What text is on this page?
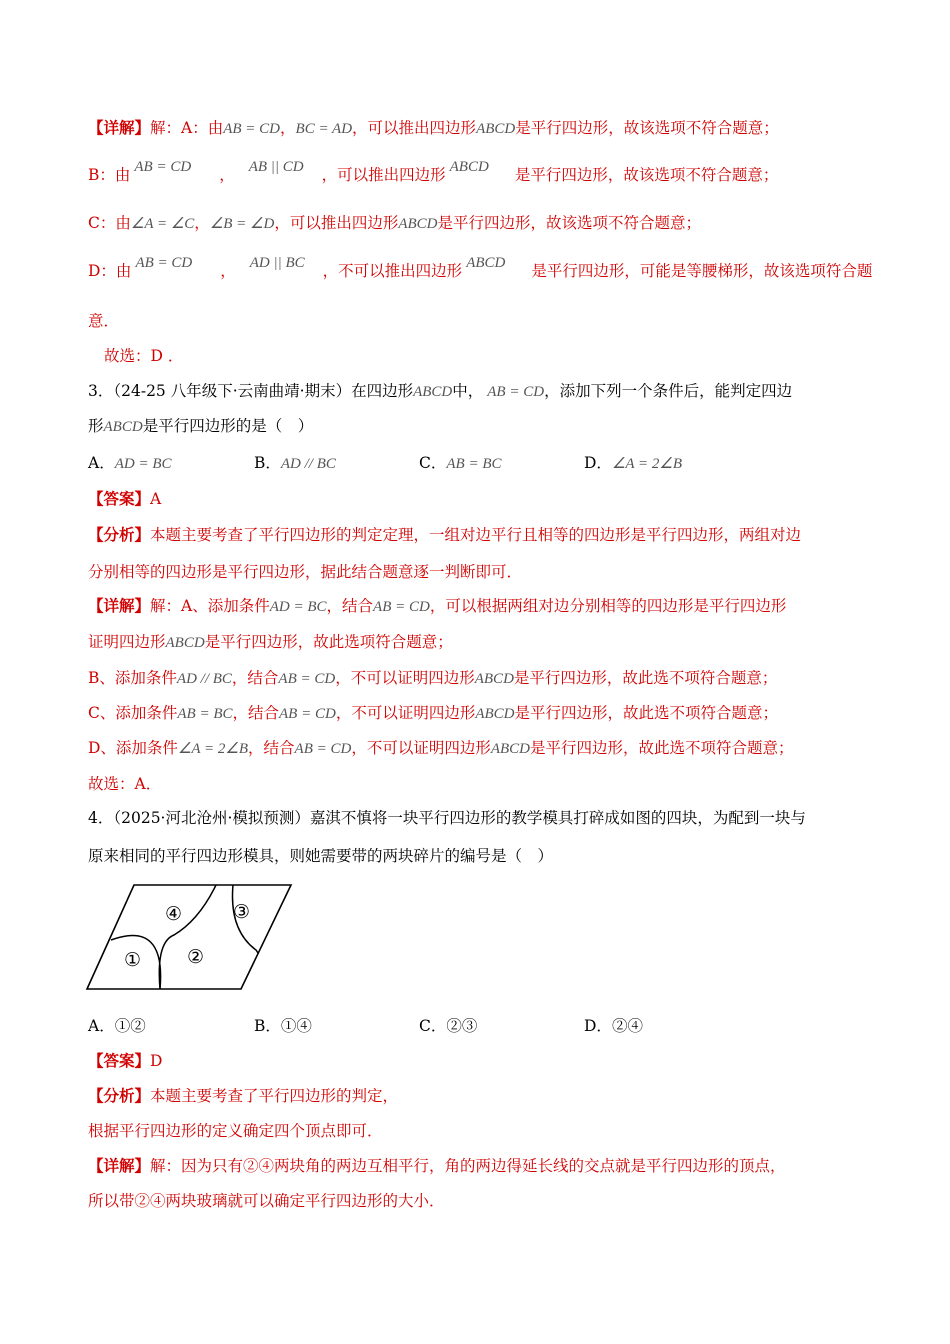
【详解】解：A：由AB = CD，BC = AD，可以推出四边形ABCD是平行四边形，故该选项不符合题意；
B：由 AB = CD ， AB || CD ，可以推出四边形 ABCD 是平行四边形，故该选项不符合题意；
C：由∠A = ∠C，∠B = ∠D，可以推出四边形ABCD是平行四边形，故该选项不符合题意；
D：由 AB = CD ， AD || BC ，不可以推出四边形 ABCD 是平行四边形，可能是等腰梯形，故该选项符合题
意．
故选：D ．
3．（24-25 八年级下·云南曲靖·期末）在四边形ABCD中， AB = CD，添加下列一个条件后，能判定四边
形ABCD是平行四边形的是（　）
A．AD = BC	B．AD // BC	C．AB = BC	D．∠A = 2∠B
【答案】A
【分析】本题主要考查了平行四边形的判定定理，一组对边平行且相等的四边形是平行四边形，两组对边
分别相等的四边形是平行四边形，据此结合题意逐一判断即可．
【详解】解：A、添加条件AD = BC，结合AB = CD，可以根据两组对边分别相等的四边形是平行四边形
证明四边形ABCD是平行四边形，故此选项符合题意；
B、添加条件AD // BC，结合AB = CD，不可以证明四边形ABCD是平行四边形，故此选不项符合题意；
C、添加条件AB = BC，结合AB = CD，不可以证明四边形ABCD是平行四边形，故此选不项符合题意；
D、添加条件∠A = 2∠B，结合AB = CD，不可以证明四边形ABCD是平行四边形，故此选不项符合题意；
故选：A．
4．（2025·河北沧州·模拟预测）嘉淇不慎将一块平行四边形的教学模具打碎成如图的四块，为配到一块与
原来相同的平行四边形模具，则她需要带的两块碎片的编号是（　）
① ②
③
④
A．①②	B．①④	C．②③	D．②④
【答案】D
【分析】本题主要考查了平行四边形的判定，
根据平行四边形的定义确定四个顶点即可．
【详解】解：因为只有②④两块角的两边互相平行，角的两边得延长线的交点就是平行四边形的顶点，
所以带②④两块玻璃就可以确定平行四边形的大小．
